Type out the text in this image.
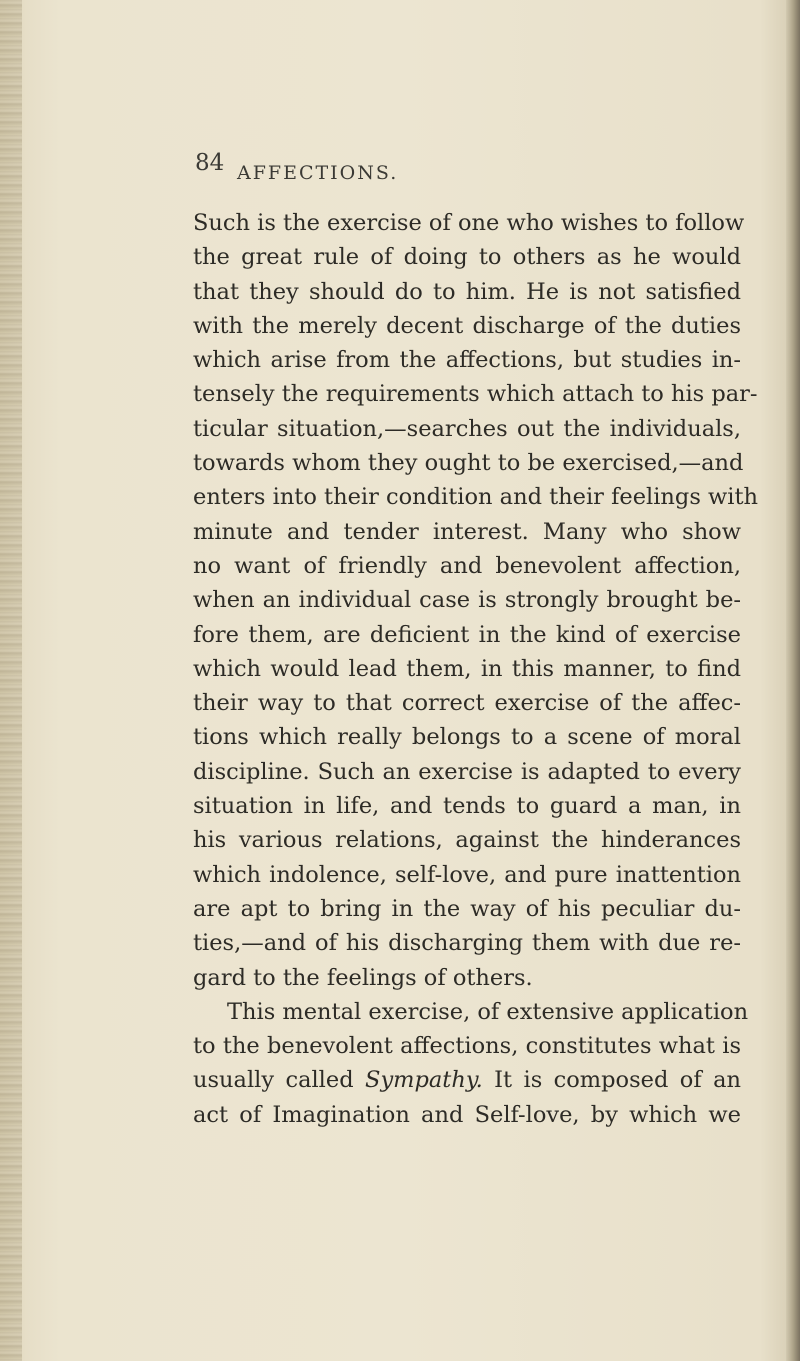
84 AFFECTIONS.
Such is the exercise of one who wishes to follow
the great rule of doing to others as he would
that they should do to him. He is not satisfied
with the merely decent discharge of the duties
which arise from the affections, but studies in-
tensely the requirements which attach to his par-
ticular situation,—searches out the individuals,
towards whom they ought to be exercised,—and
enters into their condition and their feelings with
minute and tender interest. Many who show
no want of friendly and benevolent affection,
when an individual case is strongly brought be-
fore them, are deficient in the kind of exercise
which would lead them, in this manner, to find
their way to that correct exercise of the affec-
tions which really belongs to a scene of moral
discipline. Such an exercise is adapted to every
situation in life, and tends to guard a man, in
his various relations, against the hinderances
which indolence, self-love, and pure inattention
are apt to bring in the way of his peculiar du-
ties,—and of his discharging them with due re-
gard to the feelings of others.
This mental exercise, of extensive application
to the benevolent affections, constitutes what is
usually called Sympathy. It is composed of an
act of Imagination and Self-love, by which we
